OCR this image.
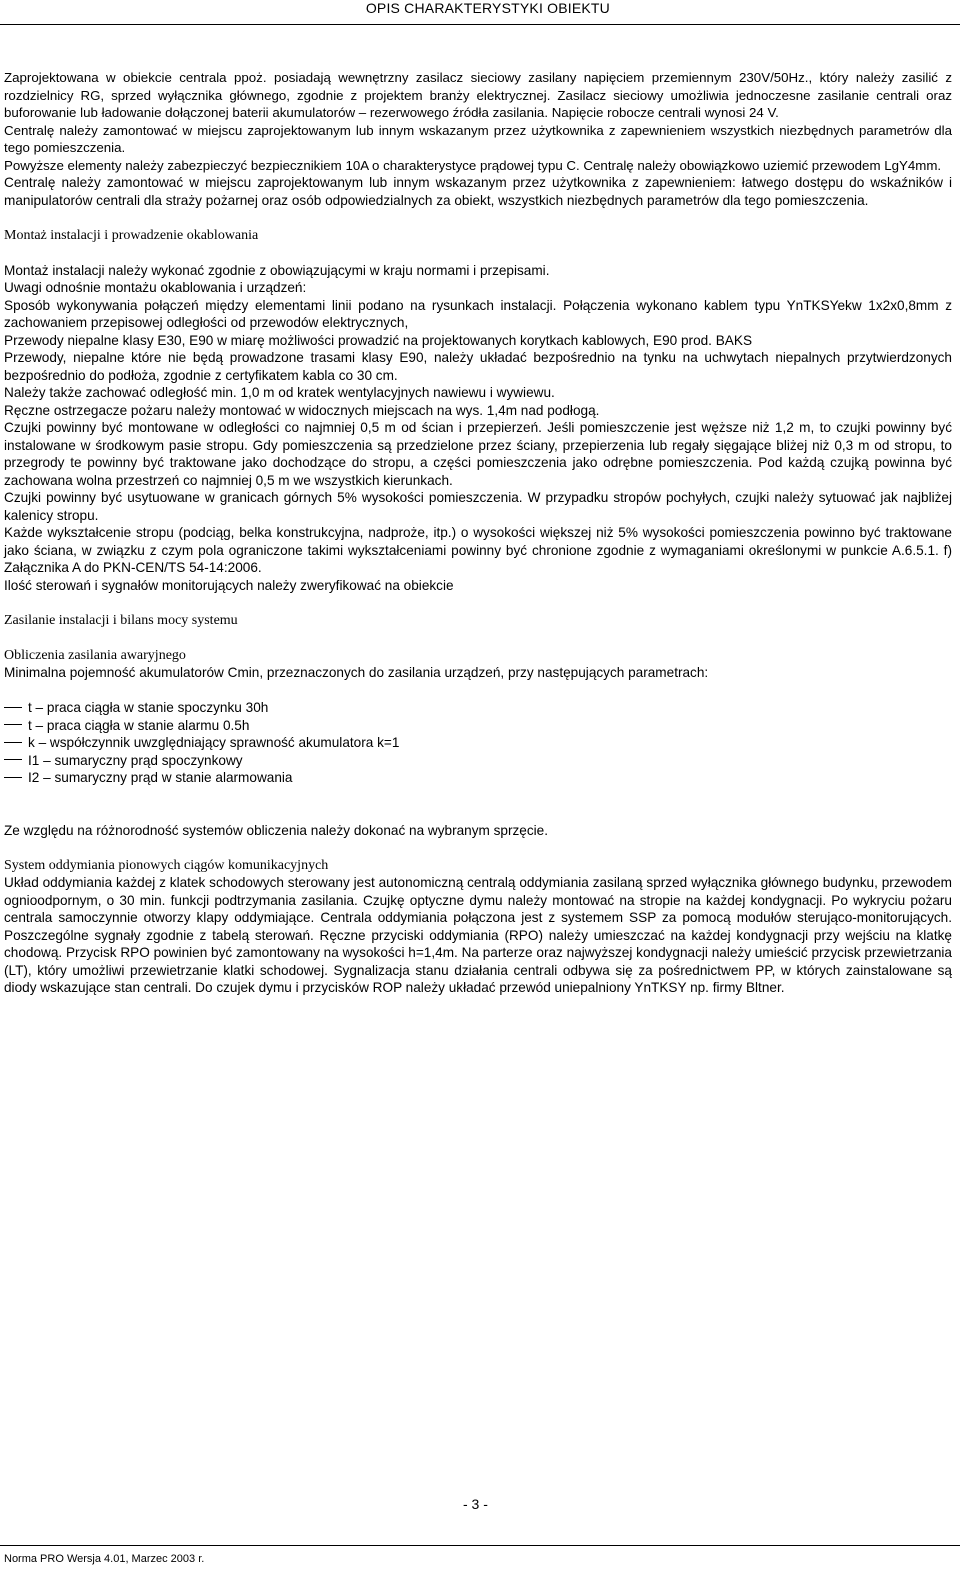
OPIS CHARAKTERYSTYKI OBIEKTU

Zaprojektowana w obiekcie centrala ppoż. posiadają wewnętrzny zasilacz sieciowy zasilany napięciem przemiennym 230V/50Hz., który należy zasilić z rozdzielnicy RG, sprzed wyłącznika głównego, zgodnie z projektem branży elektrycznej. Zasilacz sieciowy umożliwia jednoczesne zasilanie centrali oraz buforowanie lub ładowanie dołączonej baterii akumulatorów – rezerwowego źródła zasilania. Napięcie robocze centrali wynosi 24 V.

Centralę należy zamontować w miejscu zaprojektowanym lub innym wskazanym przez użytkownika z zapewnieniem wszystkich niezbędnych parametrów dla tego pomieszczenia.

Powyższe elementy należy zabezpieczyć bezpiecznikiem 10A o charakterystyce prądowej typu C. Centralę należy obowiązkowo uziemić przewodem LgY4mm.

Centralę należy zamontować w miejscu zaprojektowanym lub innym wskazanym przez użytkownika z zapewnieniem: łatwego dostępu do wskaźników i manipulatorów centrali dla straży pożarnej oraz osób odpowiedzialnych za obiekt, wszystkich niezbędnych parametrów dla tego pomieszczenia.

Montaż instalacji i prowadzenie okablowania

Montaż instalacji należy wykonać zgodnie z obowiązującymi w kraju normami i przepisami.

Uwagi odnośnie montażu okablowania i urządzeń:

Sposób wykonywania połączeń między elementami linii podano na rysunkach instalacji. Połączenia wykonano kablem typu YnTKSYekw 1x2x0,8mm z zachowaniem przepisowej odległości od przewodów elektrycznych,

Przewody niepalne klasy E30, E90 w miarę możliwości prowadzić na projektowanych korytkach kablowych, E90 prod. BAKS

Przewody, niepalne które nie będą prowadzone trasami klasy E90, należy układać bezpośrednio na tynku na uchwytach niepalnych przytwierdzonych bezpośrednio do podłoża, zgodnie z certyfikatem kabla co 30 cm.

Należy także zachować odległość min. 1,0 m od kratek wentylacyjnych nawiewu i wywiewu.

Ręczne ostrzegacze pożaru należy montować w widocznych miejscach na wys. 1,4m nad podłogą.

Czujki powinny być montowane w odległości co najmniej 0,5 m od ścian i przepierzeń. Jeśli pomieszczenie jest węższe niż 1,2 m, to czujki powinny być instalowane w środkowym pasie stropu. Gdy pomieszczenia są przedzielone przez ściany, przepierzenia lub regały sięgające bliżej niż 0,3 m od stropu, to przegrody te powinny być traktowane jako dochodzące do stropu, a części pomieszczenia jako odrębne pomieszczenia. Pod każdą czujką powinna być zachowana wolna przestrzeń co najmniej 0,5 m we wszystkich kierunkach.

Czujki powinny być usytuowane w granicach górnych 5% wysokości pomieszczenia. W przypadku stropów pochyłych, czujki należy sytuować jak najbliżej kalenicy stropu.

Każde wykształcenie stropu (podciąg, belka konstrukcyjna, nadproże, itp.) o wysokości większej niż 5% wysokości pomieszczenia powinno być traktowane jako ściana, w związku z czym pola ograniczone takimi wykształceniami powinny być chronione zgodnie z wymaganiami określonymi w punkcie A.6.5.1. f) Załącznika A do PKN-CEN/TS 54-14:2006.

Ilość sterowań i sygnałów monitorujących należy zweryfikować na obiekcie

Zasilanie instalacji i bilans mocy systemu

Obliczenia zasilania awaryjnego

Minimalna pojemność akumulatorów Cmin, przeznaczonych do zasilania urządzeń, przy następujących parametrach:

t – praca ciągła w stanie spoczynku 30h
t – praca ciągła w stanie alarmu 0.5h
k – współczynnik uwzględniający sprawność akumulatora k=1
I1 – sumaryczny prąd spoczynkowy
I2 – sumaryczny prąd w stanie alarmowania

Ze względu na różnorodność systemów obliczenia należy dokonać na wybranym sprzęcie.

System oddymiania pionowych ciągów komunikacyjnych

Układ oddymiania każdej z klatek schodowych sterowany jest autonomiczną centralą oddymiania zasilaną sprzed wyłącznika głównego budynku, przewodem ognioodpornym, o 30 min. funkcji podtrzymania zasilania. Czujkę optyczne dymu należy montować na stropie na każdej kondygnacji. Po wykryciu pożaru centrala samoczynnie otworzy klapy oddymiające. Centrala oddymiania połączona jest z systemem SSP za pomocą modułów sterująco-monitorujących. Poszczególne sygnały zgodnie z tabelą sterowań. Ręczne przyciski oddymiania (RPO) należy umieszczać na każdej kondygnacji przy wejściu na klatkę chodową. Przycisk RPO powinien być zamontowany na wysokości h=1,4m. Na parterze oraz najwyższej kondygnacji należy umieścić przycisk przewietrzania (LT), który umożliwi przewietrzanie klatki schodowej. Sygnalizacja stanu działania centrali odbywa się za pośrednictwem PP, w których zainstalowane są diody wskazujące stan centrali. Do czujek dymu i przycisków ROP należy układać przewód uniepalniony YnTKSY np. firmy Bltner.

- 3 -
Norma PRO Wersja 4.01, Marzec 2003 r.
